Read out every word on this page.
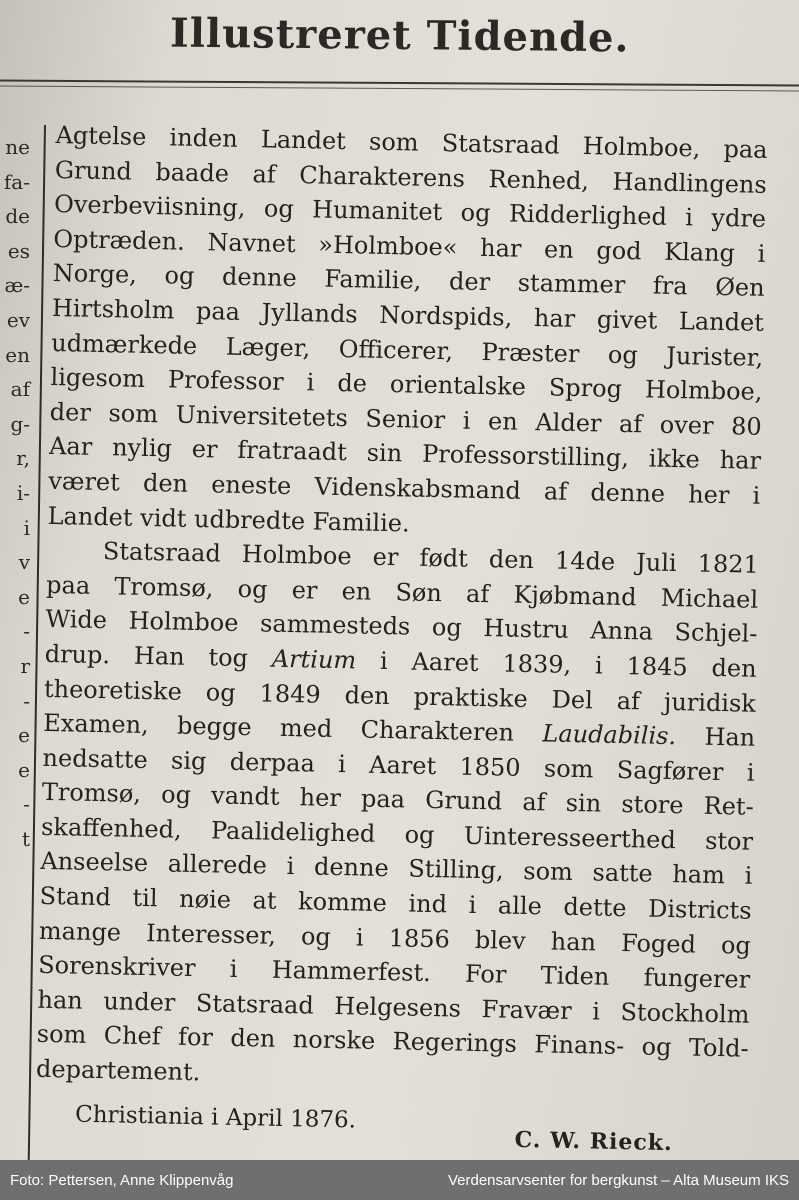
Illustreret Tidende.
ne
fa-
de
es
æ-
ev
en
af
g-
r,
i-
i
v
e
-
r
-
e
e
-
t
Agtelse inden Landet som Statsraad Holmboe, paa
Grund baade af Charakterens Renhed, Handlingens
Overbeviisning, og Humanitet og Ridderlighed i ydre
Optræden. Navnet »Holmboe« har en god Klang i
Norge, og denne Familie, der stammer fra Øen
Hirtsholm paa Jyllands Nordspids, har givet Landet
udmærkede Læger, Officerer, Præster og Jurister,
ligesom Professor i de orientalske Sprog Holmboe,
der som Universitetets Senior i en Alder af over 80
Aar nylig er fratraadt sin Professorstilling, ikke har
været den eneste Videnskabsmand af denne her i
Landet vidt udbredte Familie.
Statsraad Holmboe er født den 14de Juli 1821
paa Tromsø, og er en Søn af Kjøbmand Michael
Wide Holmboe sammesteds og Hustru Anna Schjel-
drup. Han tog Artium i Aaret 1839, i 1845 den
theoretiske og 1849 den praktiske Del af juridisk
Examen, begge med Charakteren Laudabilis. Han
nedsatte sig derpaa i Aaret 1850 som Sagfører i
Tromsø, og vandt her paa Grund af sin store Ret-
skaffenhed, Paalidelighed og Uinteresseerthed stor
Anseelse allerede i denne Stilling, som satte ham i
Stand til nøie at komme ind i alle dette Districts
mange Interesser, og i 1856 blev han Foged og
Sorenskriver i Hammerfest. For Tiden fungerer
han under Statsraad Helgesens Fravær i Stockholm
som Chef for den norske Regerings Finans- og Told-
departement.
Christiania i April 1876.
C. W. Rieck.
Foto: Pettersen, Anne Klippenvåg	Verdensarvsenter for bergkunst – Alta Museum IKS
